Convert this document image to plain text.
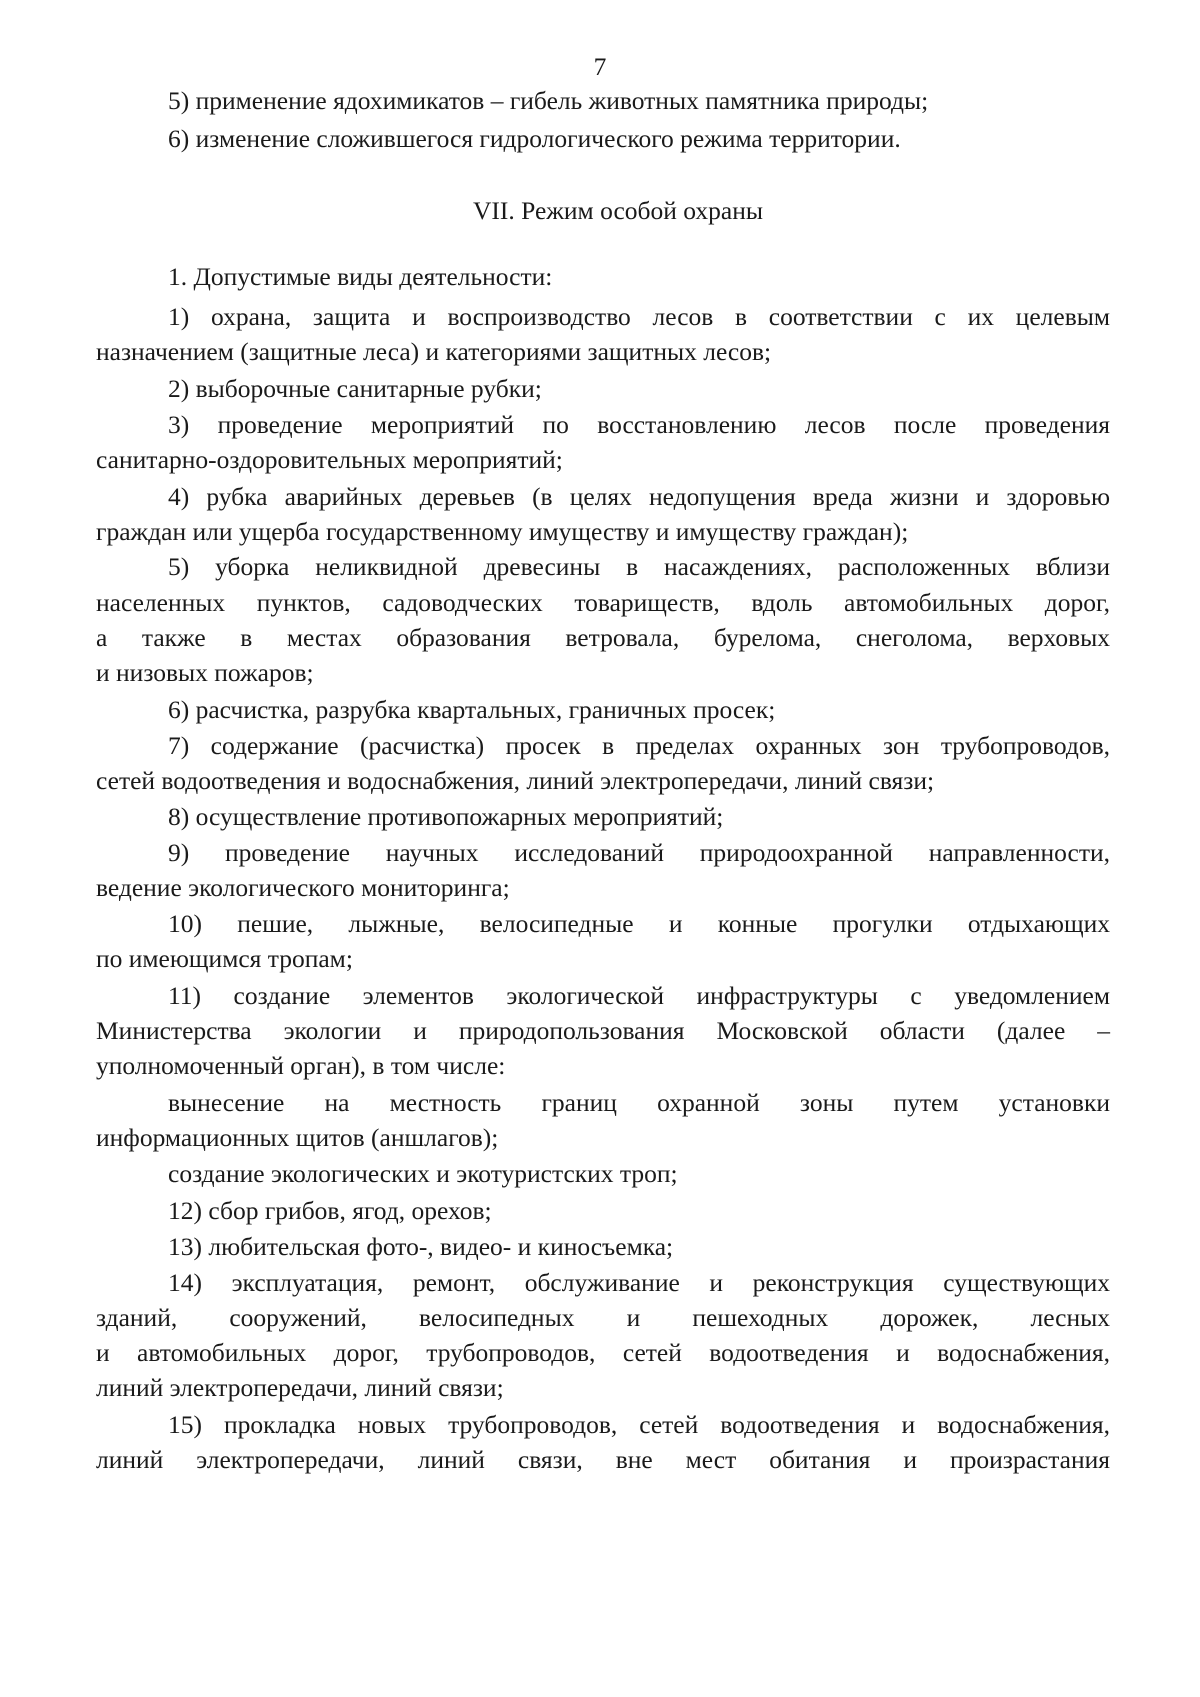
7
5) применение ядохимикатов – гибель животных памятника природы;
6) изменение сложившегося гидрологического режима территории.
VII. Режим особой охраны
1. Допустимые виды деятельности:
1) охрана, защита и воспроизводство лесов в соответствии с их целевым
назначением (защитные леса) и категориями защитных лесов;
2) выборочные санитарные рубки;
3) проведение мероприятий по восстановлению лесов после проведения
санитарно-оздоровительных мероприятий;
4) рубка аварийных деревьев (в целях недопущения вреда жизни и здоровью
граждан или ущерба государственному имуществу и имуществу граждан);
5) уборка неликвидной древесины в насаждениях, расположенных вблизи
населенных пунктов, садоводческих товариществ, вдоль автомобильных дорог,
а также в местах образования ветровала, бурелома, снеголома, верховых
и низовых пожаров;
6) расчистка, разрубка квартальных, граничных просек;
7) содержание (расчистка) просек в пределах охранных зон трубопроводов,
сетей водоотведения и водоснабжения, линий электропередачи, линий связи;
8) осуществление противопожарных мероприятий;
9) проведение научных исследований природоохранной направленности,
ведение экологического мониторинга;
10) пешие, лыжные, велосипедные и конные прогулки отдыхающих
по имеющимся тропам;
11) создание элементов экологической инфраструктуры с уведомлением
Министерства экологии и природопользования Московской области (далее –
уполномоченный орган), в том числе:
вынесение на местность границ охранной зоны путем установки
информационных щитов (аншлагов);
создание экологических и экотуристских троп;
12) сбор грибов, ягод, орехов;
13) любительская фото-, видео- и киносъемка;
14) эксплуатация, ремонт, обслуживание и реконструкция существующих
зданий, сооружений, велосипедных и пешеходных дорожек, лесных
и автомобильных дорог, трубопроводов, сетей водоотведения и водоснабжения,
линий электропередачи, линий связи;
15) прокладка новых трубопроводов, сетей водоотведения и водоснабжения,
линий электропередачи, линий связи, вне мест обитания и произрастания
